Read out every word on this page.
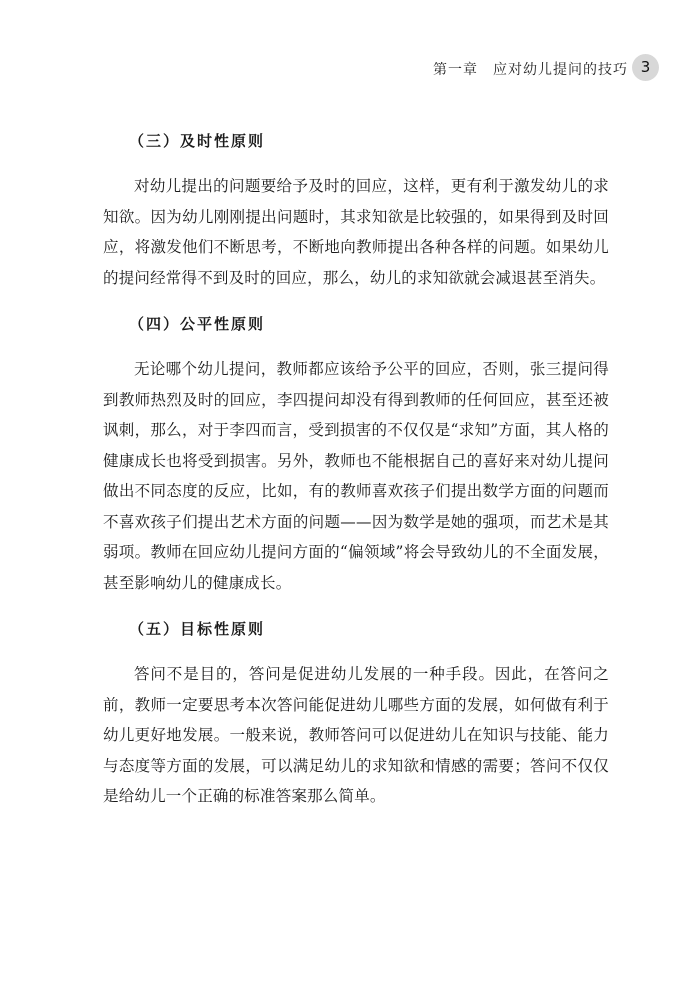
第一章　应对幼儿提问的技巧 3
（三）及时性原则

对幼儿提出的问题要给予及时的回应，这样，更有利于激发幼儿的求知欲。因为幼儿刚刚提出问题时，其求知欲是比较强的，如果得到及时回应，将激发他们不断思考，不断地向教师提出各种各样的问题。如果幼儿的提问经常得不到及时的回应，那么，幼儿的求知欲就会减退甚至消失。

（四）公平性原则

无论哪个幼儿提问，教师都应该给予公平的回应，否则，张三提问得到教师热烈及时的回应，李四提问却没有得到教师的任何回应，甚至还被讽刺，那么，对于李四而言，受到损害的不仅仅是“求知”方面，其人格的健康成长也将受到损害。另外，教师也不能根据自己的喜好来对幼儿提问做出不同态度的反应，比如，有的教师喜欢孩子们提出数学方面的问题而不喜欢孩子们提出艺术方面的问题——因为数学是她的强项，而艺术是其弱项。教师在回应幼儿提问方面的“偏领域”将会导致幼儿的不全面发展，甚至影响幼儿的健康成长。

（五）目标性原则

答问不是目的，答问是促进幼儿发展的一种手段。因此，在答问之前，教师一定要思考本次答问能促进幼儿哪些方面的发展，如何做有利于幼儿更好地发展。一般来说，教师答问可以促进幼儿在知识与技能、能力与态度等方面的发展，可以满足幼儿的求知欲和情感的需要；答问不仅仅是给幼儿一个正确的标准答案那么简单。
